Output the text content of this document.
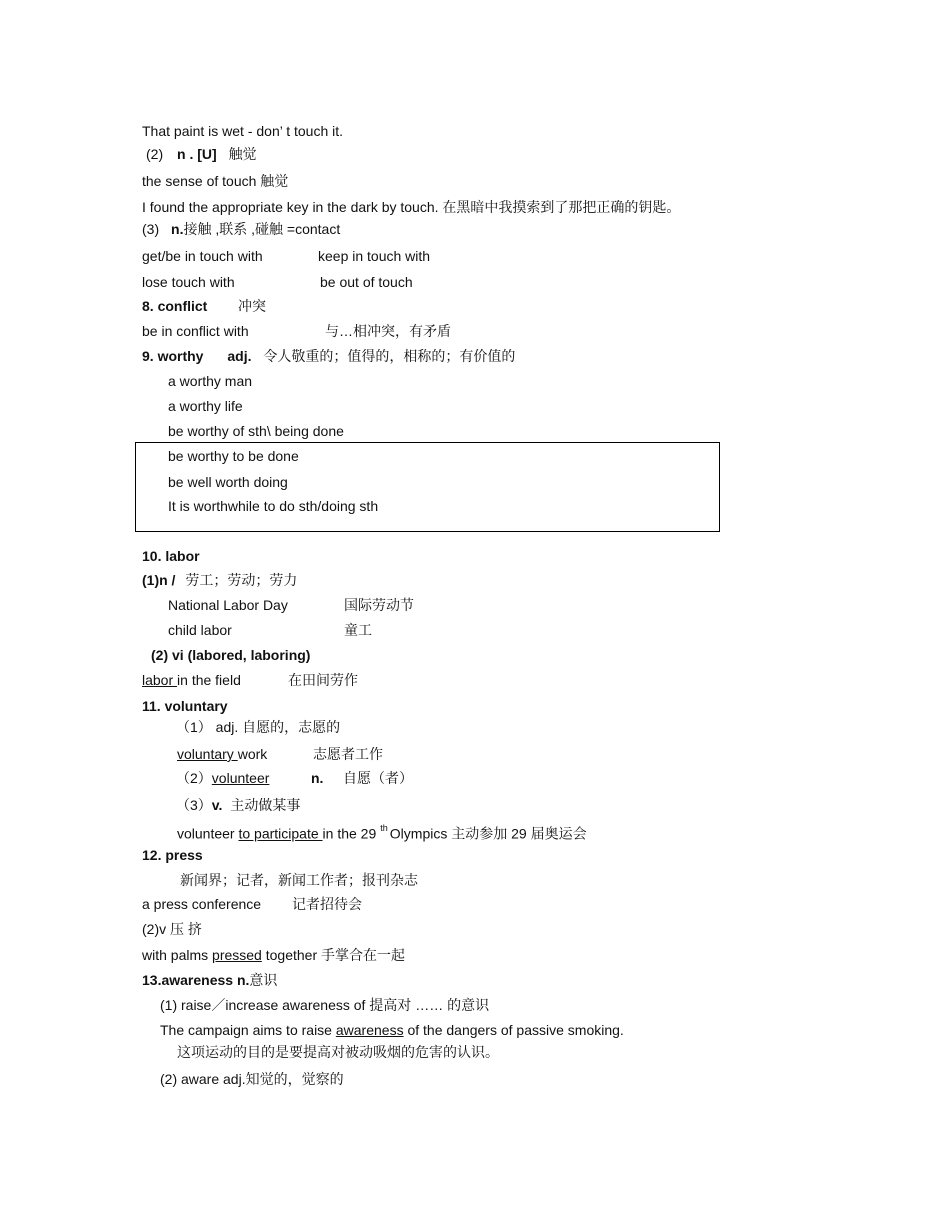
That paint is wet - don’ t touch it.
(2) n . [U] 触觉
the sense of touch 触觉
I found the appropriate key in the dark by touch. 在黑暗中我摸索到了那把正确的钥匙。
(3) n.接触 ,联系 ,碰触 =contact
get/be in touch with	keep in touch with
lose touch with	be out of touch
8. conflict 冲突
be in conflict with	与…相冲突，有矛盾
9. worthy adj. 令人敬重的；值得的，相称的；有价值的
a worthy man
a worthy life
be worthy of sth\ being done
be worthy to be done
be well worth doing
It is worthwhile to do sth/doing sth
10. labor
(1)n / 劳工；劳动；劳力
National Labor Day	国际劳动节
child labor	童工
(2) vi (labored, laboring)
labor in the field	在田间劳作
11. voluntary
（1） adj. 自愿的，志愿的
voluntary work	志愿者工作
（2）volunteer	n. 自愿（者）
（3）v. 主动做某事
volunteer to participate in the 29 $^{th}$ Olympics 主动参加 29 届奥运会
12. press
新闻界；记者，新闻工作者；报刊杂志
a press conference 记者招待会
(2)v 压 挤
with palms pressed together 手掌合在一起
13.awareness n.意识
(1) raise／increase awareness of 提高对 …… 的意识
The campaign aims to raise awareness of the dangers of passive smoking.
这项运动的目的是要提高对被动吸烟的危害的认识。
(2) aware adj.知觉的，觉察的
